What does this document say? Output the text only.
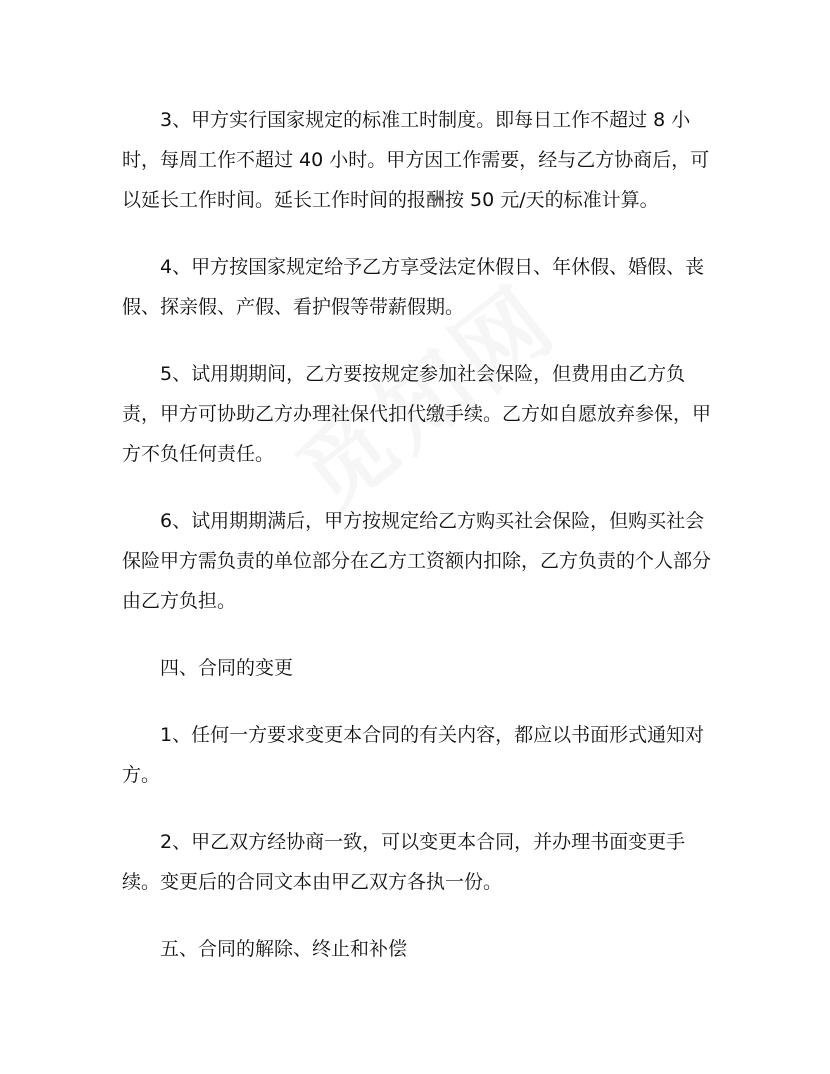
3、甲方实行国家规定的标准工时制度。即每日工作不超过 8 小时，每周工作不超过 40 小时。甲方因工作需要，经与乙方协商后，可以延长工作时间。延长工作时间的报酬按 50 元/天的标准计算。

4、甲方按国家规定给予乙方享受法定休假日、年休假、婚假、丧假、探亲假、产假、看护假等带薪假期。

5、试用期期间，乙方要按规定参加社会保险，但费用由乙方负责，甲方可协助乙方办理社保代扣代缴手续。乙方如自愿放弃参保，甲方不负任何责任。

6、试用期期满后，甲方按规定给乙方购买社会保险，但购买社会保险甲方需负责的单位部分在乙方工资额内扣除，乙方负责的个人部分由乙方负担。

四、合同的变更

1、任何一方要求变更本合同的有关内容，都应以书面形式通知对方。

2、甲乙双方经协商一致，可以变更本合同，并办理书面变更手续。变更后的合同文本由甲乙双方各执一份。

五、合同的解除、终止和补偿
